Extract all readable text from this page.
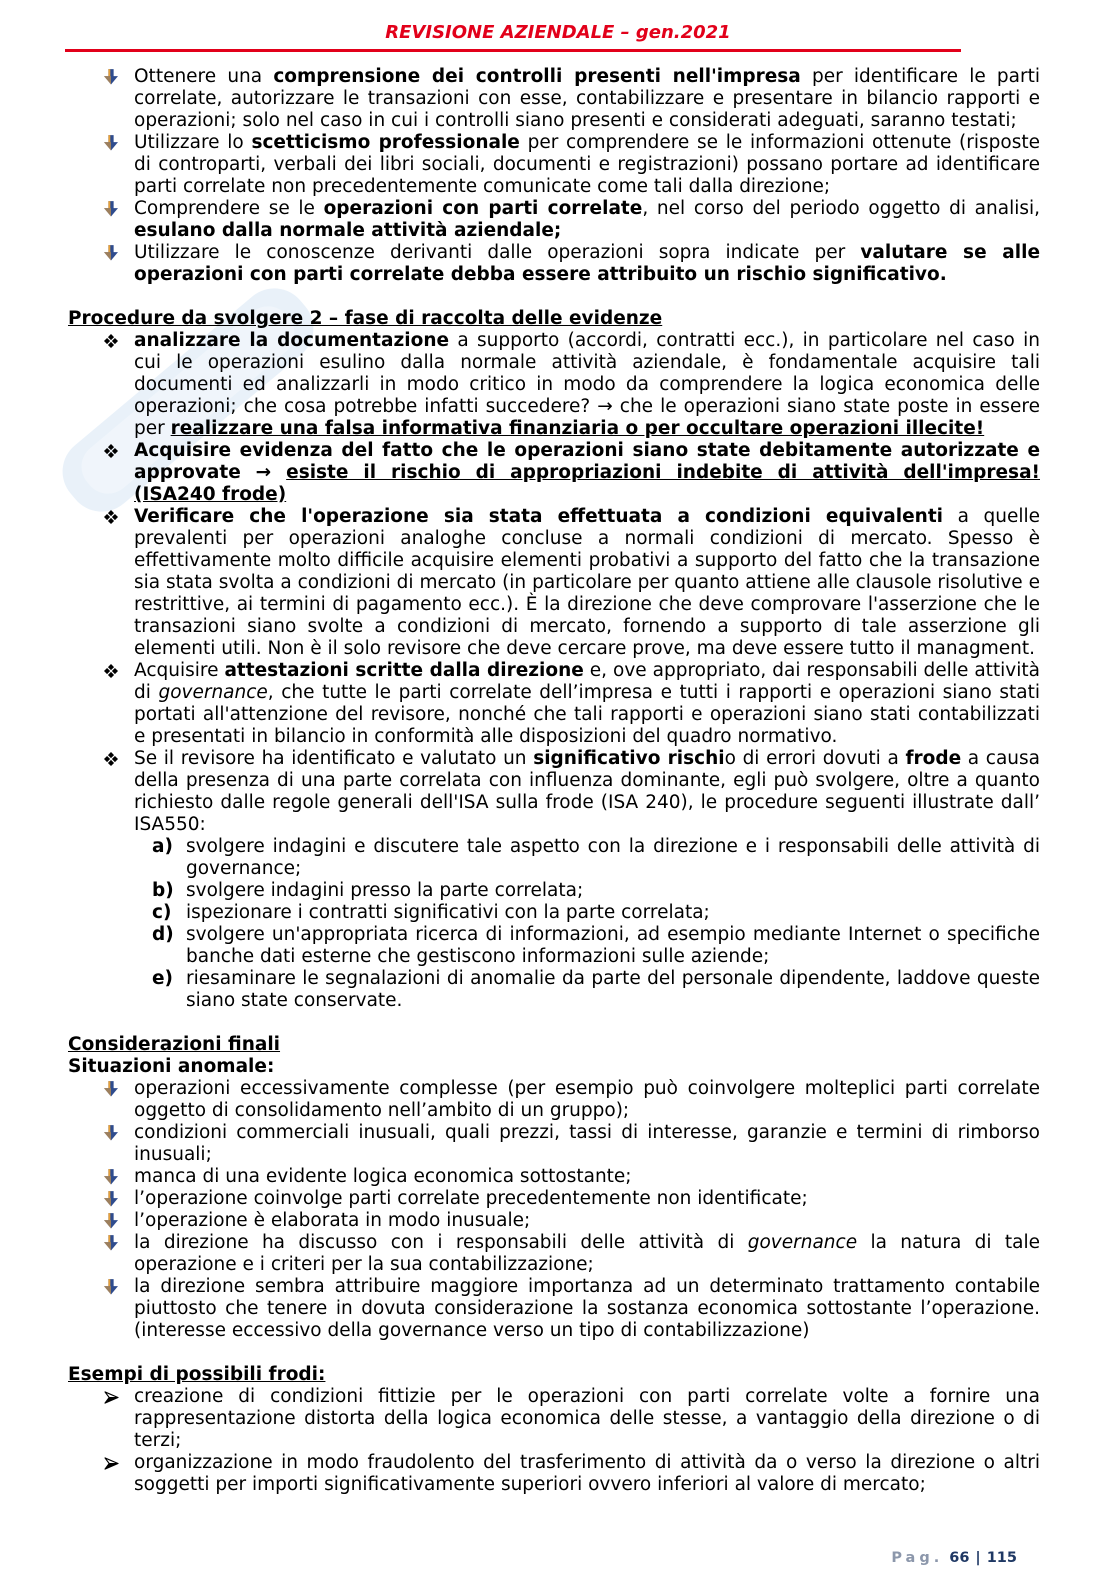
REVISIONE AZIENDALE – gen.2021
Ottenere una comprensione dei controlli presenti nell'impresa per identificare le parti correlate, autorizzare le transazioni con esse, contabilizzare e presentare in bilancio rapporti e operazioni; solo nel caso in cui i controlli siano presenti e considerati adeguati, saranno testati;
Utilizzare lo scetticismo professionale per comprendere se le informazioni ottenute (risposte di controparti, verbali dei libri sociali, documenti e registrazioni) possano portare ad identificare parti correlate non precedentemente comunicate come tali dalla direzione;
Comprendere se le operazioni con parti correlate, nel corso del periodo oggetto di analisi, esulano dalla normale attività aziendale;
Utilizzare le conoscenze derivanti dalle operazioni sopra indicate per valutare se alle operazioni con parti correlate debba essere attribuito un rischio significativo.
Procedure da svolgere 2 – fase di raccolta delle evidenze
analizzare la documentazione a supporto (accordi, contratti ecc.), in particolare nel caso in cui le operazioni esulino dalla normale attività aziendale, è fondamentale acquisire tali documenti ed analizzarli in modo critico in modo da comprendere la logica economica delle operazioni; che cosa potrebbe infatti succedere? → che le operazioni siano state poste in essere per realizzare una falsa informativa finanziaria o per occultare operazioni illecite!
Acquisire evidenza del fatto che le operazioni siano state debitamente autorizzate e approvate → esiste il rischio di appropriazioni indebite di attività dell'impresa! (ISA240 frode)
Verificare che l'operazione sia stata effettuata a condizioni equivalenti a quelle prevalenti per operazioni analoghe concluse a normali condizioni di mercato. Spesso è effettivamente molto difficile acquisire elementi probativi a supporto del fatto che la transazione sia stata svolta a condizioni di mercato (in particolare per quanto attiene alle clausole risolutive e restrittive, ai termini di pagamento ecc.). È la direzione che deve comprovare l'asserzione che le transazioni siano svolte a condizioni di mercato, fornendo a supporto di tale asserzione gli elementi utili. Non è il solo revisore che deve cercare prove, ma deve essere tutto il managment.
Acquisire attestazioni scritte dalla direzione e, ove appropriato, dai responsabili delle attività di governance, che tutte le parti correlate dell’impresa e tutti i rapporti e operazioni siano stati portati all'attenzione del revisore, nonché che tali rapporti e operazioni siano stati contabilizzati e presentati in bilancio in conformità alle disposizioni del quadro normativo.
Se il revisore ha identificato e valutato un significativo rischio di errori dovuti a frode a causa della presenza di una parte correlata con influenza dominante, egli può svolgere, oltre a quanto richiesto dalle regole generali dell'ISA sulla frode (ISA 240), le procedure seguenti illustrate dall’ ISA550:
a) svolgere indagini e discutere tale aspetto con la direzione e i responsabili delle attività di governance;
b) svolgere indagini presso la parte correlata;
c) ispezionare i contratti significativi con la parte correlata;
d) svolgere un'appropriata ricerca di informazioni, ad esempio mediante Internet o specifiche banche dati esterne che gestiscono informazioni sulle aziende;
e) riesaminare le segnalazioni di anomalie da parte del personale dipendente, laddove queste siano state conservate.
Considerazioni finali
Situazioni anomale:
operazioni eccessivamente complesse (per esempio può coinvolgere molteplici parti correlate oggetto di consolidamento nell’ambito di un gruppo);
condizioni commerciali inusuali, quali prezzi, tassi di interesse, garanzie e termini di rimborso inusuali;
manca di una evidente logica economica sottostante;
l’operazione coinvolge parti correlate precedentemente non identificate;
l’operazione è elaborata in modo inusuale;
la direzione ha discusso con i responsabili delle attività di governance la natura di tale operazione e i criteri per la sua contabilizzazione;
la direzione sembra attribuire maggiore importanza ad un determinato trattamento contabile piuttosto che tenere in dovuta considerazione la sostanza economica sottostante l’operazione. (interesse eccessivo della governance verso un tipo di contabilizzazione)
Esempi di possibili frodi:
creazione di condizioni fittizie per le operazioni con parti correlate volte a fornire una rappresentazione distorta della logica economica delle stesse, a vantaggio della direzione o di terzi;
organizzazione in modo fraudolento del trasferimento di attività da o verso la direzione o altri soggetti per importi significativamente superiori ovvero inferiori al valore di mercato;
Pag. 66 | 115
